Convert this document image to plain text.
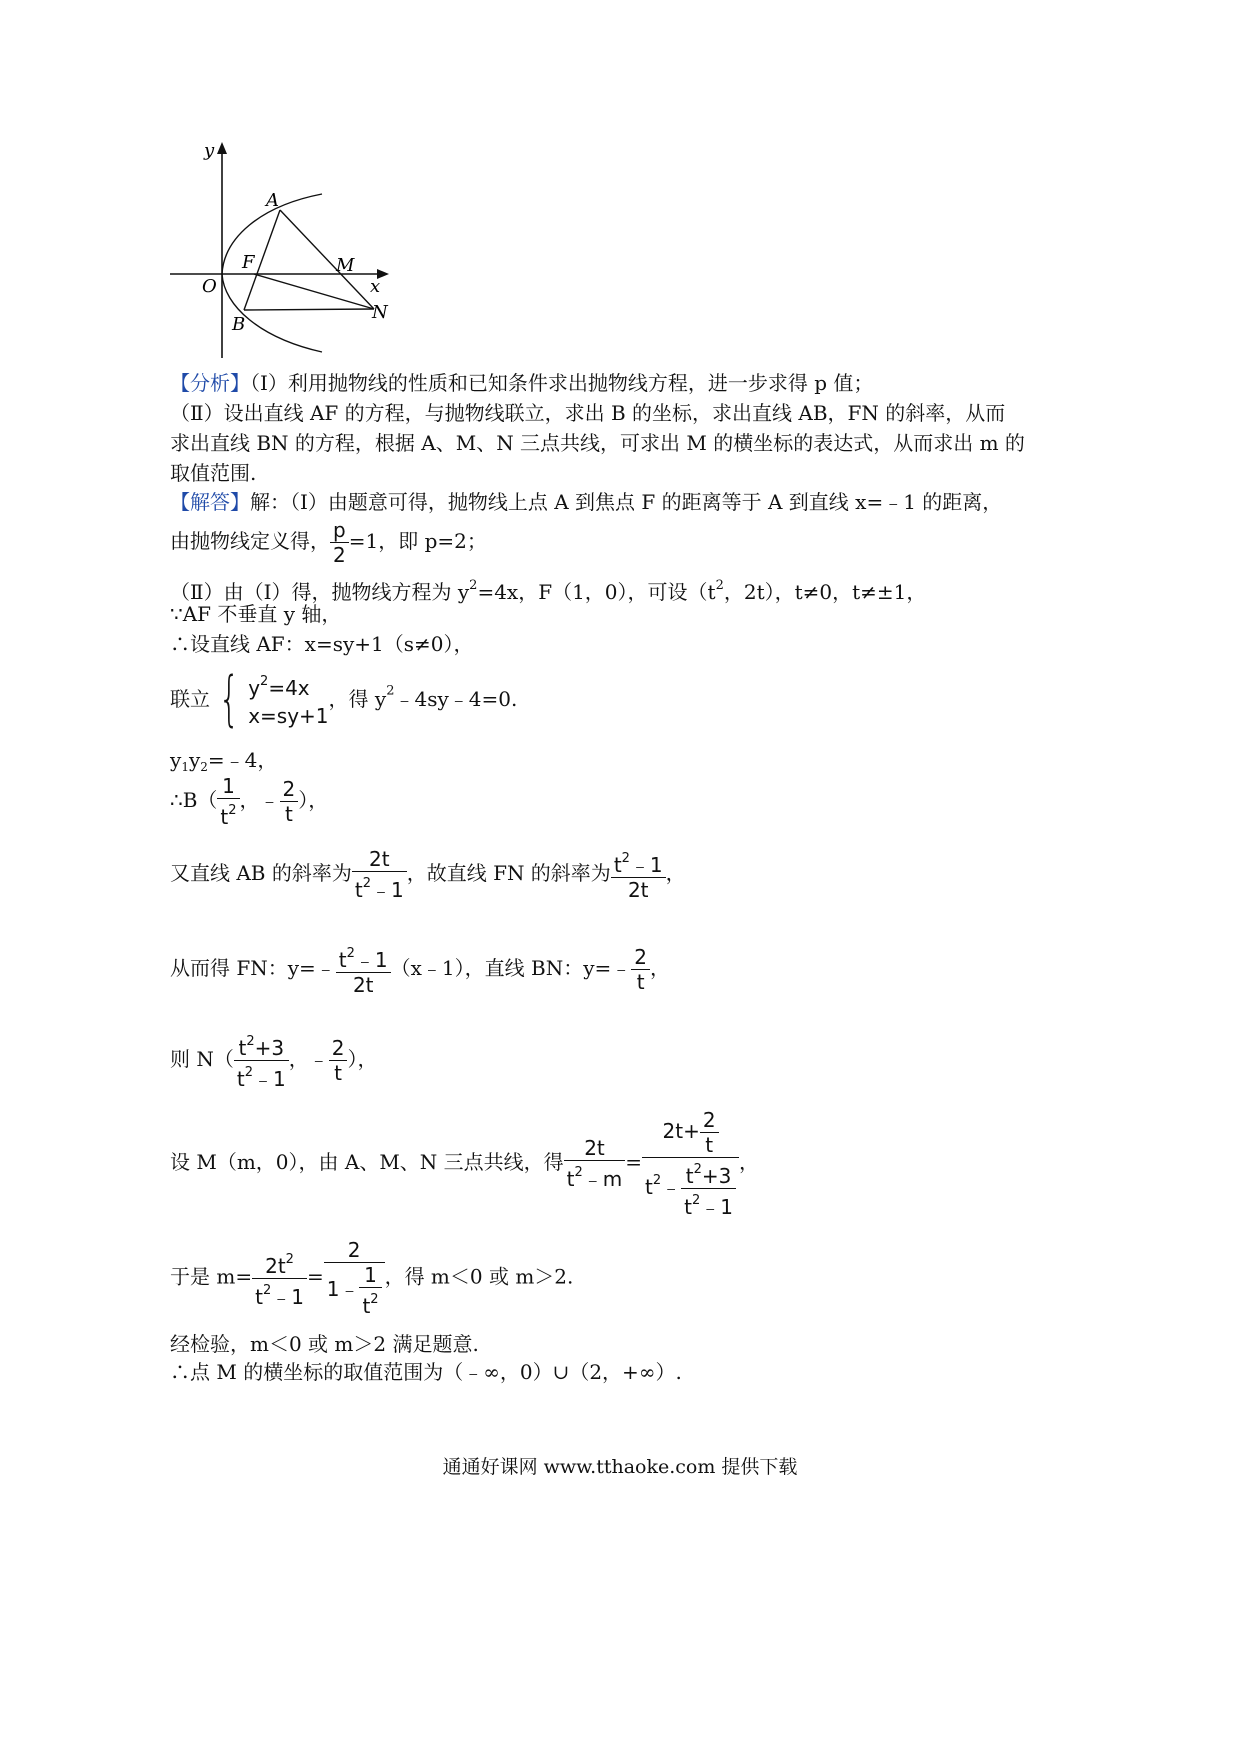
y
A
F	M
O	x
B
N
【分析】（Ⅰ）利用抛物线的性质和已知条件求出抛物线方程，进一步求得 p 值；
（Ⅱ）设出直线 AF 的方程，与抛物线联立，求出 B 的坐标，求出直线 AB，FN 的斜率，从而
求出直线 BN 的方程，根据 A、M、N 三点共线，可求出 M 的横坐标的表达式，从而求出 m 的
取值范围.
【解答】解：（Ⅰ）由题意可得，抛物线上点 A 到焦点 F 的距离等于 A 到直线 x=﹣1 的距离，
由抛物线定义得， $\frac{p}{2} =1$，即 p=2；
（Ⅱ）由（Ⅰ）得，抛物线方程为 $y^2=4x$，F（1，0），可设（$t^2$，2t），t≠0，t≠±1，
∵AF 不垂直 y 轴，
∴设直线 AF：x=sy+1（s≠0），
联立 { $y^2=4x$
x=sy+1
，得 $y^2﹣4sy﹣4=0$.
$y_1y_2=﹣4$，
∴B（ $\frac{1}{t^2}$ ，﹣ $\frac{2}{t}$ ），
又直线 AB 的斜率为 $\frac{2t}{t^2﹣1}$ ，故直线 FN 的斜率为 $\frac{t^2﹣1}{2t}$ ，
从而得 FN：y=﹣ $\frac{t^2﹣1}{2t}$ （x﹣1），直线 BN：y=﹣ $\frac{2}{t}$ ，
则 $N( \frac{t^2+3}{t^2﹣1}$ ，﹣ $\frac{2}{t}$ ），
设 M（m，0），由 A、M、N 三点共线，得 $\frac{2t}{t^2﹣m} = \frac{2t+ \frac{2}{t}}{t^2﹣ \frac{t^2+3}{t^2﹣1}}$ ，
于是 $m= \frac{2t^2}{t^2﹣1} = \frac{2}{1﹣ \frac{1}{t^2}}$ ，得 m＜0 或 m＞2.
经检验，m＜0 或 m＞2 满足题意.
∴点 M 的横坐标的取值范围为（﹣∞，0）∪（2，+∞）.
通通好课网 www.tthaoke.com 提供下载
